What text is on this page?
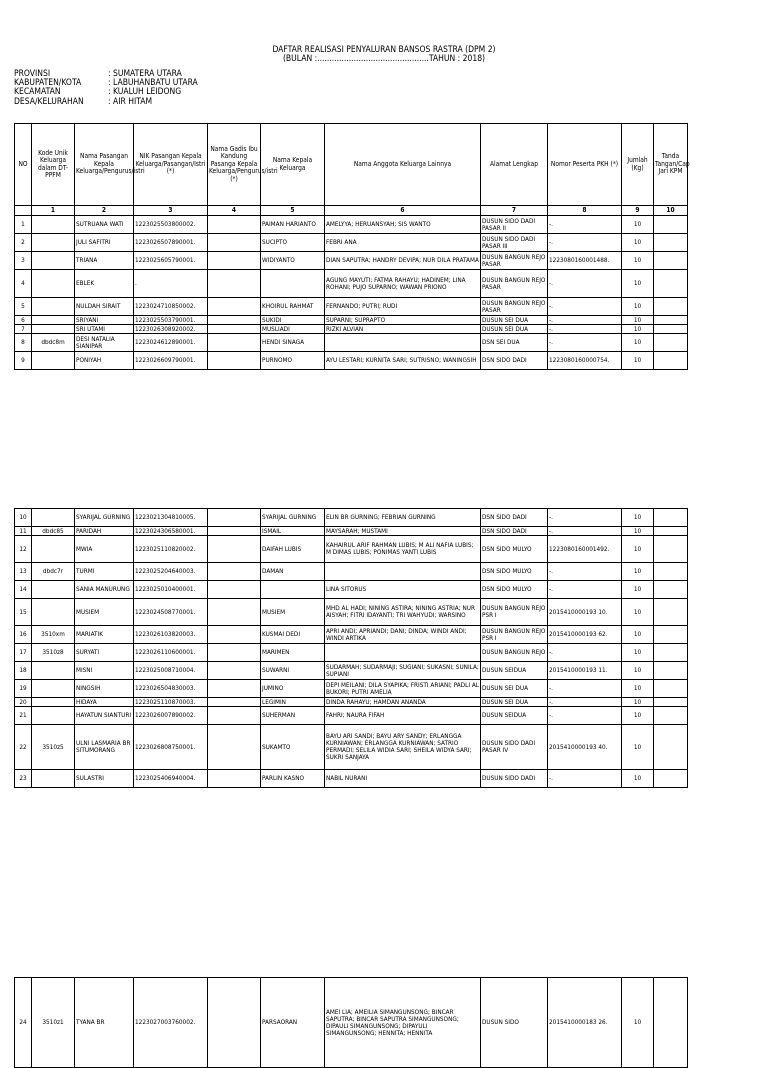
DAFTAR REALISASI PENYALURAN BANSOS RASTRA (DPM 2)
(BULAN :..............................................TAHUN : 2018)
PROVINSI	: SUMATERA UTARA
KABUPATEN/KOTA	: LABUHANBATU UTARA
KECAMATAN	: KUALUH LEIDONG
DESA/KELURAHAN	: AIR HITAM
NO	Kode Unik Keluarga dalam DT-PPFM	Nama Pasangan Kepala Keluarga/Pengurus/istri	NIK Pasangan Kepala Keluarga/Pasangan/Istri (*)	Nama Gadis Ibu Kandung Pasanga Kepala Keluarga/Pengurus/istri (*)	Nama Kepala Keluarga	Nama Anggota Keluarga Lainnya	Alamat Lengkap	Nomor Peserta PKH (*)	Jumlah (Kg)	Tanda Tangan/Cap Jari KPM
	1	2	3	4	5	6	7	8	9	10
1		SUTRUANA WATI	1223025503800002.		PAIMAN HARIANTO	AMELYYA; HERUANSYAH; SIS WANTO	DUSUN SIDO DADI PASAR II	-.	10	
2		JULI SAFITRI	1223026507890001.		SUCIPTO	FEBRI ANA	DUSUN SIDO DADI PASAR III	-.	10	
3		TRIANA	1223025605790001.		WIDIYANTO	DIAN SAPUTRA; HANDRY DEVIPA; NUR DILA PRATAMA	DUSUN BANGUN REJO PASAR	1223080160001488.	10	
4		EBLEK	.			AGUNG MAYUTI; FATMA RAHAYU; HADINEM; LINA ROHANI; PUJO SUPARNO; WAWAN PRIONO	DUSUN BANGUN REJO PASAR	-.	10	
5		NULDAH SIRAIT	1223024710850002.		KHOIRUL RAHMAT	FERNANDO; PUTRI; RUDI	DUSUN BANGUN REJO PASAR	-.	10	
6		SRIYANI	1223025503790001.		SUKIDI	SUPARNI; SUPRAPTO	DUSUN SEI DUA	-.	10	
7		SRI UTAMI	1223026308920002.		MUSLIADI	RIZKI ALVIAN	DUSUN SEI DUA	-.	10	
8	dbdc8m	DESI NATALIA SIANIPAR	1223024612890001.		HENDI SINAGA		DSN SEI DUA	-.	10	
9		PONIYAH	1223026609790001.		PURNOMO	AYU LESTARI; KURNITA SARI; SUTRISNO; WANINGSIH	DSN SIDO DADI	1223080160000754.	10	
10		SYARIJAL GURNING	1223021304810005.		SYARIJAL GURNING	ELIN BR GURNING; FEBRIAN GURNING	DSN SIDO DADI	-.	10	
11	dbdc85	PARIDAH	1223024306580001.		ISMAIL	MAYSARAH; MUSTAMI	DSN SIDO DADI	-.	10	
12		MWIA	1223025110820002.		DAIFAH LUBIS	KAHAIRUL ARIF RAHMAN LUBIS; M ALI NAFIA LUBIS; M DIMAS LUBIS; PONIMAS YANTI LUBIS	DSN SIDO MULYO	1223080160001492.	10	
13	dbdc7r	TURMI	1223025204640003.		DAMAN		DSN SIDO MULYO	-.	10	
14		SANIA MANURUNG	1223025010400001.			LINA SITORUS	DSN SIDO MULYO	-.	10	
15		MUSIEM	1223024508770001.		MUSIEM	MHD AL HADI; NINING ASTIRA; NINING ASTRIA; NUR AISYAH; FITRI IDAYANTI; TRI WAHYUDI; WARSINO	DUSUN BANGUN REJO PSR I	2015410000193 10.	10	
16	3510xm	MARIATIK	1223026103820003.		KUSMAI DEDI	APRI ANDI; APRIANDI; DANI; DINDA; WINDI ANDI; WINDI ARTIKA	DUSUN BANGUN REJO PSR I	2015410000193 62.	10	
17	3510z8	SURYATI	1223026110600001.		MARIMEN		DUSUN BANGUN REJO	-.	10	
18		MISNI	1223025008710004.		SUWARNI	SUDARMAH; SUDARMAJI; SUGIANI; SUKASNI; SUNILA; SUPIANI	DUSUN SEIDUA	2015410000193 11.	10	
19		NINGSIH	1223026504830003.		JUMINO	DEPI MEILANI; DILA SYAPIKA; FRISTI ARIANI; PADLI AL BUKORI; PUTRI AMELIA	DUSUN SEI DUA	-.	10	
20		HIDAYA	1223025110870003.		LEGIMIN	DINDA RAHAYU; HAMDAN ANANDA	DUSUN SEI DUA	-.	10	
21		HAYATUN SIANTURI	1223026007890002.		SUHERMAN	FAHRI; NAURA FIFAH	DUSUN SEIDUA	-.	10	
22	3510z5	ULNI LASMARIA BR SITUMORANG	1223026808750001.		SUKAMTO	BAYU ARI SANDI; BAYU ARY SANDY; ERLANGGA KURNIAWAN; ERLANGGA KURNIAWAN; SATRIO PERMADI; SELILA WIDIA SARI; SHEILA WIDYA SARI; SUKRI SANJAYA	DUSUN SIDO DADI PASAR IV	2015410000193 40.	10	
23		SULASTRI	1223025406940004.		PARLIN KASNO	NABIL NURANI	DUSUN SIDO DADI	-.	10	
24	3510z1	TYANA BR	1223027003760002.		PARSAORAN	AMEI LIA; AMEILIA SIMANGUNSONG; BINCAR SAPUTRA; BINCAR SAPUTRA SIMANGUNSONG; DIPAULI SIMANGUNSONG; DIPAYULI SIMANGUNSONG; HENNITA; HENNITA	DUSUN SIDO	2015410000183 26.	10	
